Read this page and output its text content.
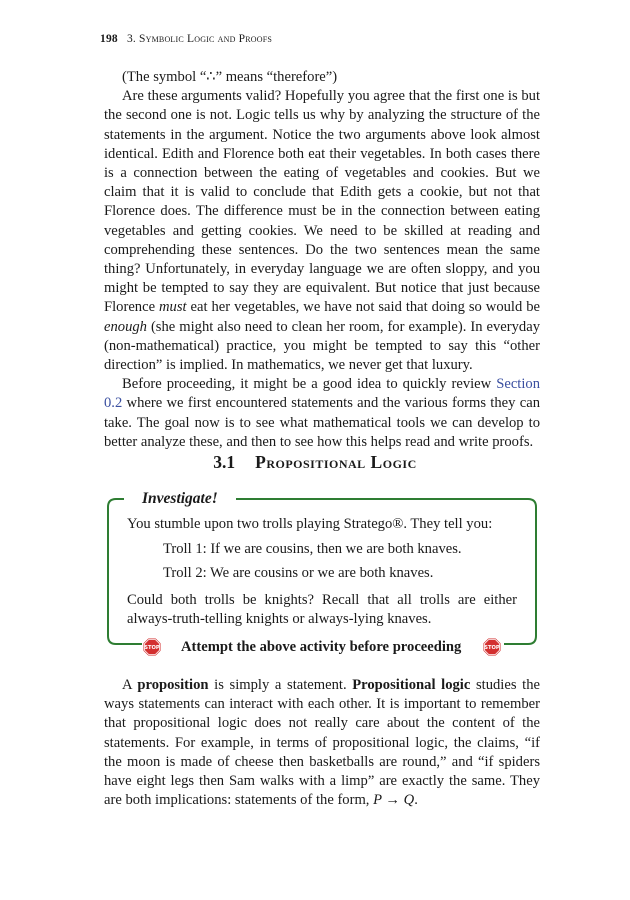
198 3. Symbolic Logic and Proofs

(The symbol “∴” means “therefore”)

Are these arguments valid? Hopefully you agree that the first one is but the second one is not. Logic tells us why by analyzing the structure of the statements in the argument. Notice the two arguments above look almost identical. Edith and Florence both eat their vegetables. In both cases there is a connection between the eating of vegetables and cookies. But we claim that it is valid to conclude that Edith gets a cookie, but not that Florence does. The difference must be in the connection between eating vegetables and getting cookies. We need to be skilled at reading and comprehending these sentences. Do the two sentences mean the same thing? Unfortunately, in everyday language we are often sloppy, and you might be tempted to say they are equivalent. But notice that just because Florence must eat her vegetables, we have not said that doing so would be enough (she might also need to clean her room, for example). In everyday (non-mathematical) practice, you might be tempted to say this “other direction” is implied. In mathematics, we never get that luxury.

Before proceeding, it might be a good idea to quickly review Section 0.2 where we first encountered statements and the various forms they can take. The goal now is to see what mathematical tools we can develop to better analyze these, and then to see how this helps read and write proofs.

3.1 Propositional Logic
Investigate!
You stumble upon two trolls playing Stratego®. They tell you:
Troll 1: If we are cousins, then we are both knaves.
Troll 2: We are cousins or we are both knaves.
Could both trolls be knights? Recall that all trolls are either always-truth-telling knights or always-lying knaves.
STOP Attempt the above activity before proceeding	STOP

A proposition is simply a statement. Propositional logic studies the ways statements can interact with each other. It is important to remember that propositional logic does not really care about the content of the statements. For example, in terms of propositional logic, the claims, “if the moon is made of cheese then basketballs are round,” and “if spiders have eight legs then Sam walks with a limp” are exactly the same. They are both implications: statements of the form, P → Q.
